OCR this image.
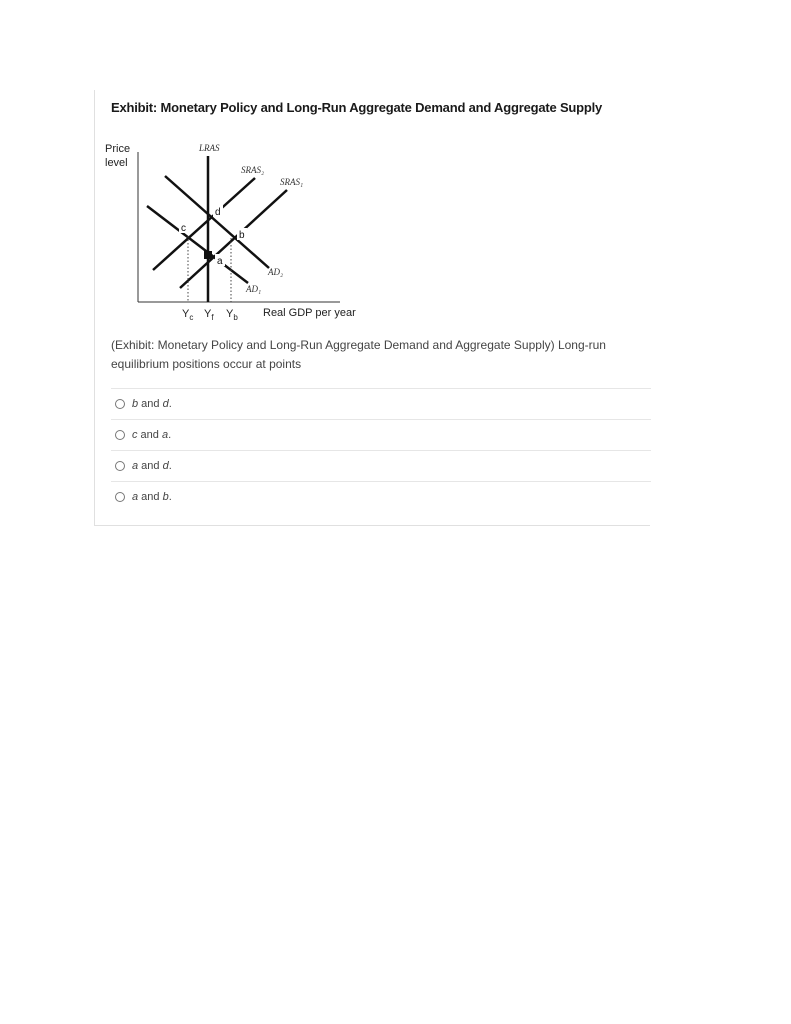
Exhibit: Monetary Policy and Long-Run Aggregate Demand and Aggregate Supply
Price
level
LRAS
SRAS₂
SRAS₁
AD₂
AD₁
a
b
c
d
$Y_c$ $Y_f$ $Y_b$ Real GDP per year
(Exhibit: Monetary Policy and Long-Run Aggregate Demand and Aggregate Supply) Long-run equilibrium positions occur at points
b and d.
c and a.
a and d.
a and b.
